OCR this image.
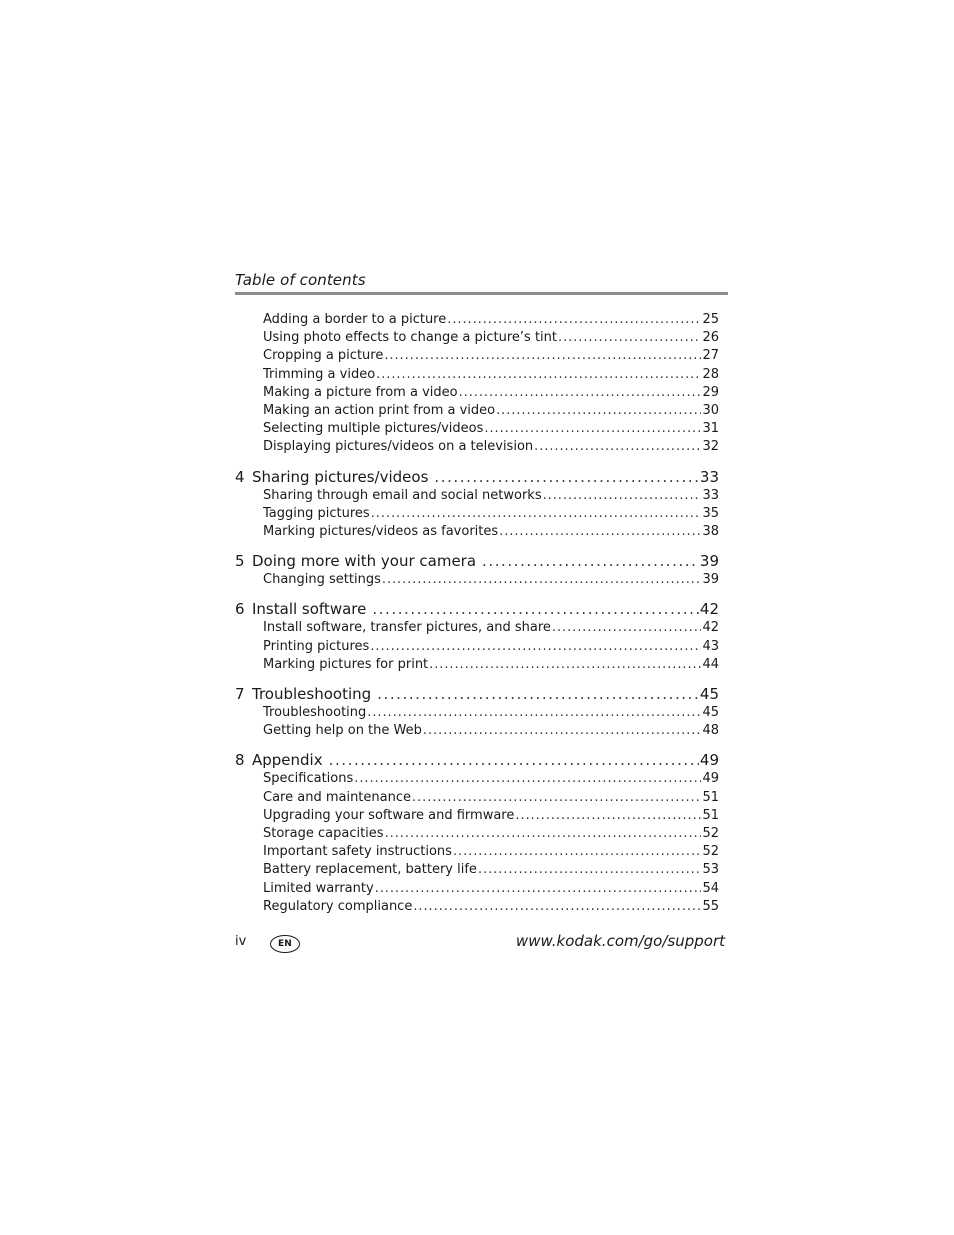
Table of contents
Adding a border to a picture . . .	25
Using photo effects to change a picture’s tint . . .	26
Cropping a picture . . .	27
Trimming a video . . .	28
Making a picture from a video . . .	29
Making an action print from a video . . .	30
Selecting multiple pictures/videos . . .	31
Displaying pictures/videos on a television . . .	32
4 Sharing pictures/videos . . .	33
Sharing through email and social networks . . .	33
Tagging pictures . . .	35
Marking pictures/videos as favorites . . .	38
5 Doing more with your camera . . .	39
Changing settings . . .	39
6 Install software . . .	42
Install software, transfer pictures, and share . . .	42
Printing pictures . . .	43
Marking pictures for print . . .	44
7 Troubleshooting . . .	45
Troubleshooting . . .	45
Getting help on the Web . . .	48
8 Appendix . . .	49
Specifications . . .	49
Care and maintenance . . .	51
Upgrading your software and firmware . . .	51
Storage capacities . . .	52
Important safety instructions . . .	52
Battery replacement, battery life . . .	53
Limited warranty . . .	54
Regulatory compliance . . .	55
iv	EN	www.kodak.com/go/support
